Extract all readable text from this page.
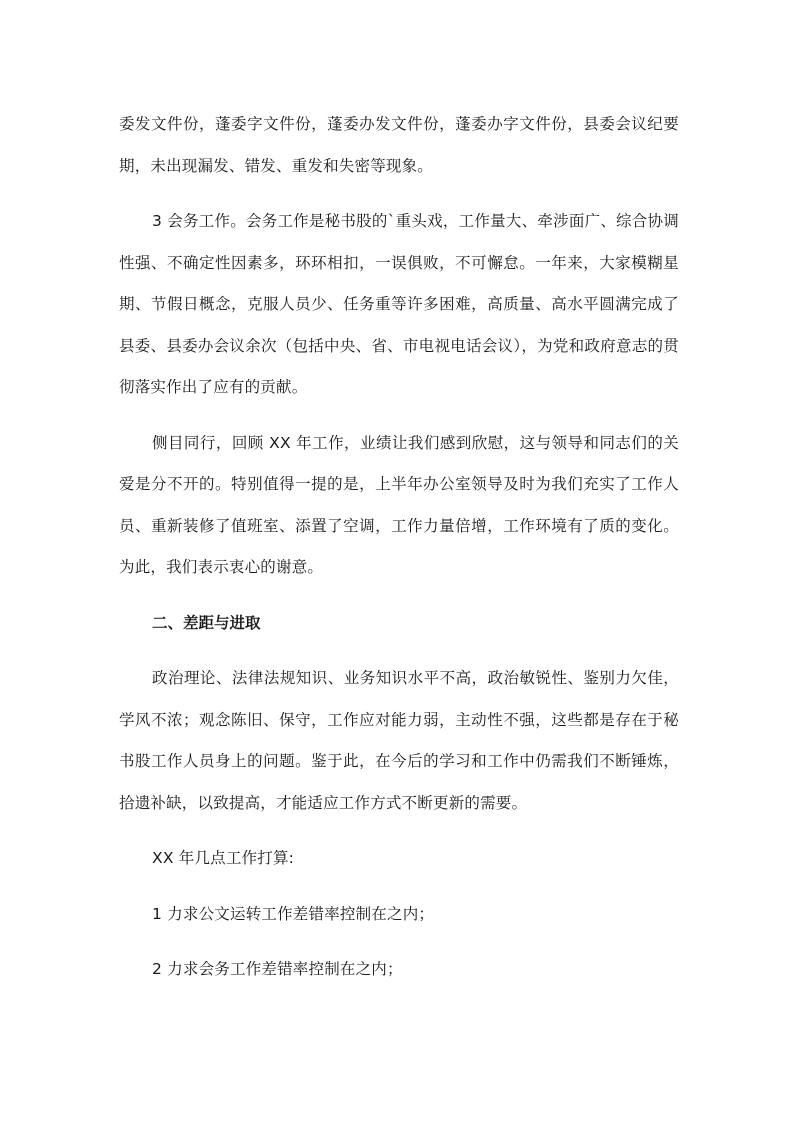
委发文件份，蓬委字文件份，蓬委办发文件份，蓬委办字文件份，县委会议纪要期，未出现漏发、错发、重发和失密等现象。

3 会务工作。会务工作是秘书股的`重头戏，工作量大、牵涉面广、综合协调性强、不确定性因素多，环环相扣，一误俱败，不可懈怠。一年来，大家模糊星期、节假日概念，克服人员少、任务重等许多困难，高质量、高水平圆满完成了县委、县委办会议余次（包括中央、省、市电视电话会议），为党和政府意志的贯彻落实作出了应有的贡献。

侧目同行，回顾 XX 年工作，业绩让我们感到欣慰，这与领导和同志们的关爱是分不开的。特别值得一提的是，上半年办公室领导及时为我们充实了工作人员、重新装修了值班室、添置了空调，工作力量倍增，工作环境有了质的变化。为此，我们表示衷心的谢意。

二、差距与进取

政治理论、法律法规知识、业务知识水平不高，政治敏锐性、鉴别力欠佳，学风不浓；观念陈旧、保守，工作应对能力弱，主动性不强，这些都是存在于秘书股工作人员身上的问题。鉴于此，在今后的学习和工作中仍需我们不断锤炼，拾遗补缺，以致提高，才能适应工作方式不断更新的需要。

XX 年几点工作打算:

1 力求公文运转工作差错率控制在之内；

2 力求会务工作差错率控制在之内；
